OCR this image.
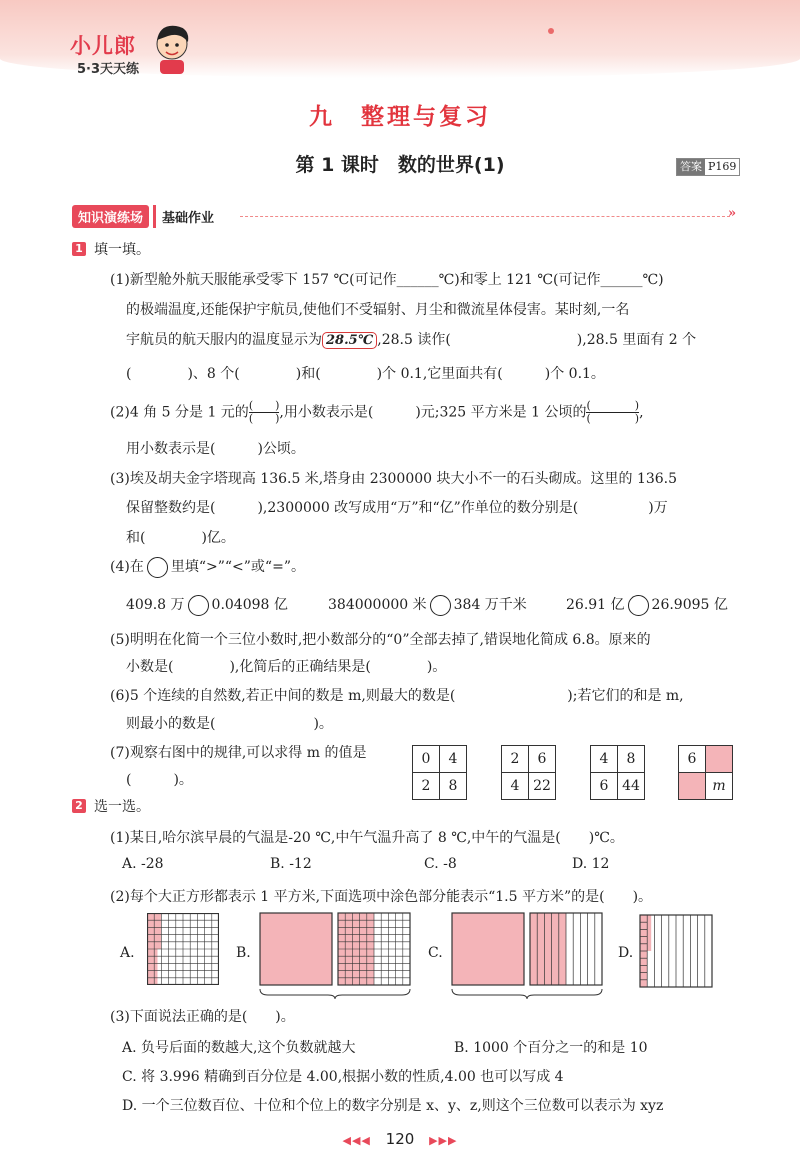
小儿郎
5·3天天练
九　整理与复习
第 1 课时　数的世界(1)	答案 P169
知识演练场	基础作业	»
1 填一填。
(1)新型舱外航天服能承受零下 157 ℃(可记作______℃)和零上 121 ℃(可记作______℃)
的极端温度,还能保护宇航员,使他们不受辐射、月尘和微流星体侵害。某时刻,一名
宇航员的航天服内的温度显示为 28.5℃ ,28.5 读作(　　　　　　　　　),28.5 里面有 2 个
(　　　　)、8 个(　　　　)和(　　　　)个 0.1,它里面共有(　　　)个 0.1。
(2)4 角 5 分是 1 元的 $\frac{( )}{( )}$ ,用小数表示是(　　　)元;325 平方米是 1 公顷的 $\frac{( )}{( )}$ ,
用小数表示是(　　　)公顷。
(3)埃及胡夫金字塔现高 136.5 米,塔身由 2300000 块大小不一的石头砌成。这里的 136.5
保留整数约是(　　　),2300000 改写成用“万”和“亿”作单位的数分别是(　　　　　)万
和(　　　　)亿。
(4)在 里填“>”“<”或“=”。
409.8 万 0.04098 亿	384000000 米 384 万千米	26.91 亿 26.9095 亿
(5)明明在化简一个三位小数时,把小数部分的“0”全部去掉了,错误地化简成 6.8。原来的
小数是(　　　　),化简后的正确结果是(　　　　)。
(6)5 个连续的自然数,若正中间的数是 m,则最大的数是(　　　　　　　　);若它们的和是 m,
则最小的数是(　　　　　　　)。
(7)观察右图中的规律,可以求得 m 的值是
(　　　)。
0	4
2	8
2	6
4	22
4	8
6	44
6	
	m
2 选一选。
(1)某日,哈尔滨早晨的气温是-20 ℃,中午气温升高了 8 ℃,中午的气温是(　　)℃。
A. -28	B. -12	C. -8	D. 12
(2)每个大正方形都表示 1 平方米,下面选项中涂色部分能表示“1.5 平方米”的是(　　)。
A.	B.	C.	D.
(3)下面说法正确的是(　　)。
A. 负号后面的数越大,这个负数就越大	B. 1000 个百分之一的和是 10
C. 将 3.996 精确到百分位是 4.00,根据小数的性质,4.00 也可以写成 4
D. 一个三位数百位、十位和个位上的数字分别是 x、y、z,则这个三位数可以表示为 xyz
◀◀◀ 120 ▶▶▶
